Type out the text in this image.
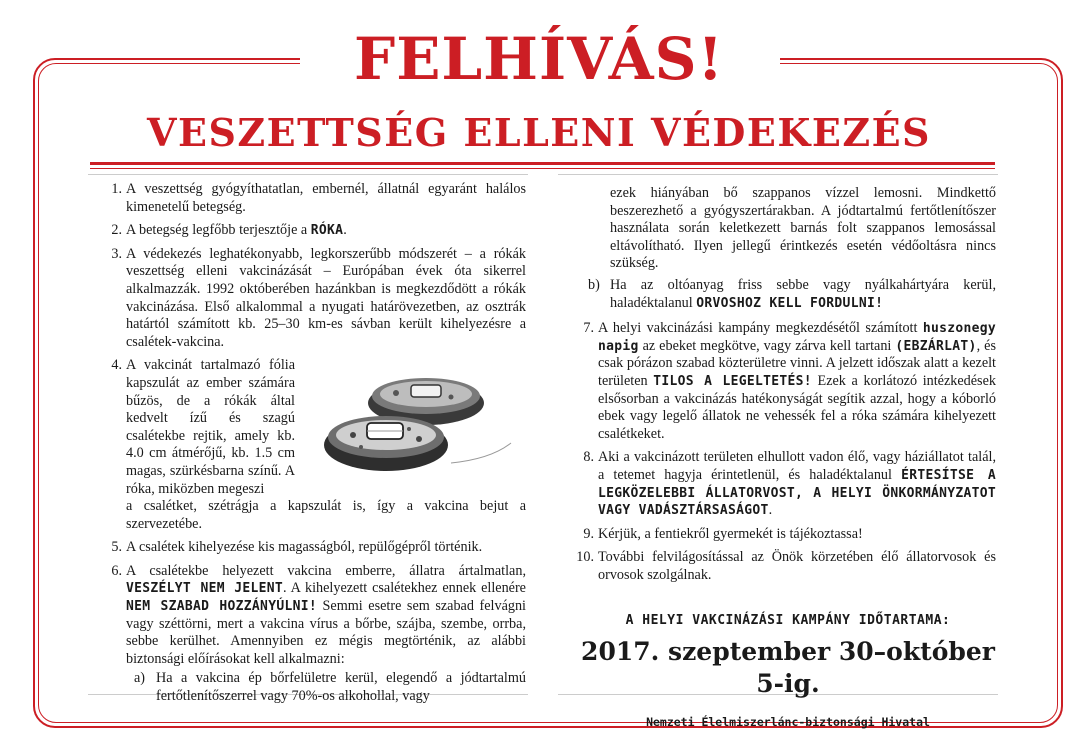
FELHÍVÁS!
VESZETTSÉG ELLENI VÉDEKEZÉS
1. A veszettség gyógyíthatatlan, embernél, állatnál egyaránt halálos kimenetelű betegség.
2. A betegség legfőbb terjesztője a RÓKA.
3. A védekezés leghatékonyabb, legkorszerűbb módszerét – a rókák veszettség elleni vakcinázását – Európában évek óta sikerrel alkalmazzák. 1992 októberében hazánkban is megkezdődött a rókák vakcinázása. Első alkalommal a nyugati határövezetben, az osztrák határtól számított kb. 25–30 km-es sávban került kihelyezésre a csalétek-vakcina.
4. A vakcinát tartalmazó fólia kapszulát az ember számára bűzös, de a rókák által kedvelt ízű és szagú csalétekbe rejtik, amely kb. 4.0 cm átmérőjű, kb. 1.5 cm magas, szürkésbarna színű. A róka, miközben megeszi
a csalétket, szétrágja a kapszulát is, így a vakcina bejut a szervezetébe.
5. A csalétek kihelyezése kis magasságból, repülőgépről történik.
6. A csalétekbe helyezett vakcina emberre, állatra ártalmatlan, VESZÉLYT NEM JELENT. A kihelyezett csalétekhez ennek ellenére NEM SZABAD HOZZÁNYÚLNI! Semmi esetre sem szabad felvágni vagy széttörni, mert a vakcina vírus a bőrbe, szájba, szembe, orrba, sebbe kerülhet. Amennyiben ez mégis megtörténik, az alábbi biztonsági előírásokat kell alkalmazni:
a) Ha a vakcina ép bőrfelületre kerül, elegendő a jódtartalmú fertőtlenítőszerrel vagy 70%-os alkohollal, vagy
ezek hiányában bő szappanos vízzel lemosni. Mindkettő beszerezhető a gyógyszertárakban. A jódtartalmú fertőtlenítőszer használata során keletkezett barnás folt szappanos lemosással eltávolítható. Ilyen jellegű érintkezés esetén védőoltásra nincs szükség.
b) Ha az oltóanyag friss sebbe vagy nyálkahártyára kerül, haladéktalanul ORVOSHOZ KELL FORDULNI!
7. A helyi vakcinázási kampány megkezdésétől számított huszonegy napig az ebeket megkötve, vagy zárva kell tartani (EBZÁRLAT), és csak pórázon szabad közterületre vinni. A jelzett időszak alatt a kezelt területen TILOS A LEGELTETÉS! Ezek a korlátozó intézkedések elsősorban a vakcinázás hatékonyságát segítik azzal, hogy a kóborló ebek vagy legelő állatok ne vehessék fel a róka számára kihelyezett csalétkeket.
8. Aki a vakcinázott területen elhullott vadon élő, vagy háziállatot talál, a tetemet hagyja érintetlenül, és haladéktalanul ÉRTESÍTSE A LEGKÖZELEBBI ÁLLATORVOST, A HELYI ÖNKORMÁNYZATOT VAGY VADÁSZTÁRSASÁGOT.
9. Kérjük, a fentiekről gyermekét is tájékoztassa!
10. További felvilágosítással az Önök körzetében élő állatorvosok és orvosok szolgálnak.
A HELYI VAKCINÁZÁSI KAMPÁNY IDŐTARTAMA:
2017. szeptember 30–október 5-ig.
Nemzeti Élelmiszerlánc-biztonsági Hivatal
